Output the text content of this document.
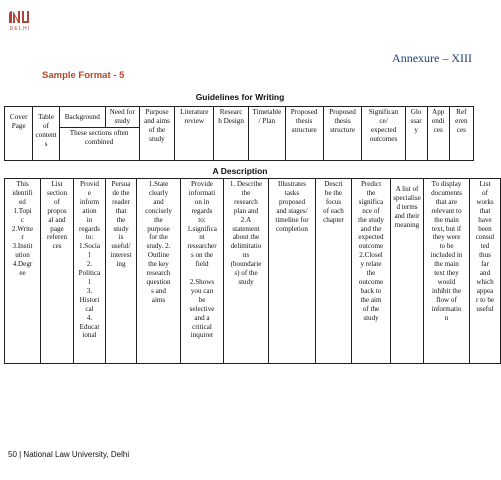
DELHI
Annexure – XIII
Sample Format - 5
Guidelines for Writing
Cover
Page	Table
of
content
s	Background	Need for
study	Purpose
and aims
of the
study	Literature
review	Researc
h Design	Timetable
/ Plan	Proposed
thesis
structure	Proposed
thesis
structure	Significan
ce/
expected
outcomes	Glo
ssar
y	App
endi
ces	Ref
eren
ces
These sections often
combined
A Description
This
identifi
ed
1.Topi
c
2.Write
r
3.Instit
ution
4.Degr
ee	List
section
of
propos
al and
page
referen
ces	Provid
e
inform
ation
in
regards
to:
1.Socia
l
2.
Politica
l
3.
Histori
cal
4.
Educat
ional	Persua
de the
reader
that
the
study
is
useful/
interest
ing	1.State
clearly
and
concisely
the
purpose
for the
study. 2.
Outline
the key
research
question
s and
aims	Provide
informati
on in
regards
to:
1.significa
nt
researcher
s on the
field

2.Shows
you can
be
selective
and a
critical
inquirer	1. Describe
the
research
plan and
2.A
statement
about the
delimitatio
ns
(boundarie
s) of the
study	Illustrates
tasks
proposed
and stages/
timeline for
completion	Descri
be the
focus
of each
chapter	Predict
the
significa
nce of
the study
and the
expected
outcome
2.Closel
y relate
the
outcome
back to
the aim
of the
study	A list of
specialise
d terms
and their
meaning	To display
documents
that are
relevant to
the main
text, but if
they were
to be
included in
the main
text they
would
inhibit the
flow of
informatio
n	List
of
works
that
have
been
consul
ted
thus
far
and
which
appea
r to be
useful
50 | National Law University, Delhi
